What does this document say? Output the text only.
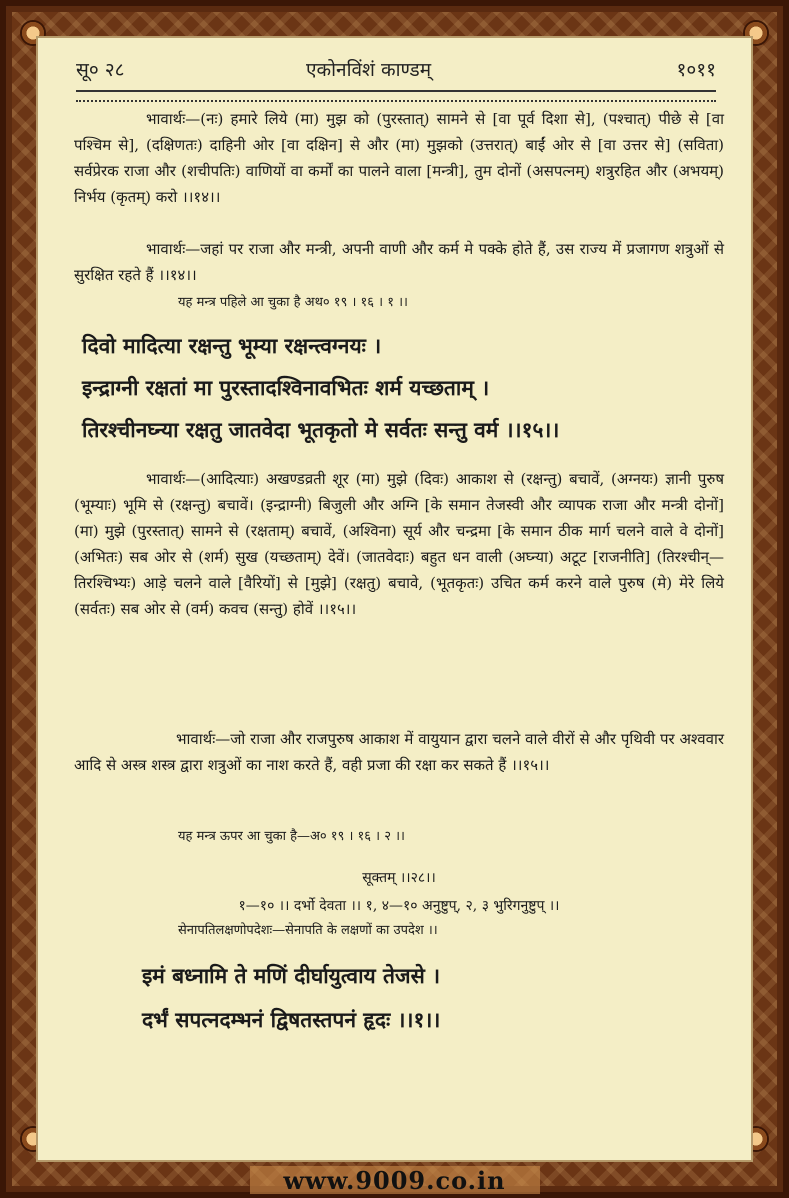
सू० २८	एकोनविंशं काण्डम्	१०११
भावार्थः—(नः) हमारे लिये (मा) मुझ को (पुरस्तात्) सामने से [वा पूर्व दिशा से], (पश्चात्) पीछे से [वा पश्चिम से], (दक्षिणतः) दाहिनी ओर [वा दक्षिन] से और (मा) मुझको (उत्तरात्) बाईं ओर से [वा उत्तर से] (सविता) सर्वप्रेरक राजा और (शचीपतिः) वाणियों वा कर्मों का पालने वाला [मन्त्री], तुम दोनों (असपत्नम्) शत्रुरहित और (अभयम्) निर्भय (कृतम्) करो ।।१४।।
भावार्थः—जहां पर राजा और मन्त्री, अपनी वाणी और कर्म मे पक्के होते हैं, उस राज्य में प्रजागण शत्रुओं से सुरक्षित रहते हैं ।।१४।।
यह मन्त्र पहिले आ चुका है अथ० १९ । १६ । १ ।।
दिवो मादित्या रक्षन्तु भूम्या रक्षन्त्वग्नयः ।
इन्द्राग्नी रक्षतां मा पुरस्तादश्विनावभितः शर्म यच्छताम् ।
तिरश्चीनघ्न्या रक्षतु जातवेदा भूतकृतो मे सर्वतः सन्तु वर्म ।।१५।।
भावार्थः—(आदित्याः) अखण्डव्रती शूर (मा) मुझे (दिवः) आकाश से (रक्षन्तु) बचावें, (अग्नयः) ज्ञानी पुरुष (भूम्याः) भूमि से (रक्षन्तु) बचावें। (इन्द्राग्नी) बिजुली और अग्नि [के समान तेजस्वी और व्यापक राजा और मन्त्री दोनों] (मा) मुझे (पुरस्तात्) सामने से (रक्षताम्) बचावें, (अश्विना) सूर्य और चन्द्रमा [के समान ठीक मार्ग चलने वाले वे दोनों] (अभितः) सब ओर से (शर्म) सुख (यच्छताम्) देवें। (जातवेदाः) बहुत धन वाली (अघ्न्या) अटूट [राजनीति] (तिरश्चीन्—तिरश्चिभ्यः) आड़े चलने वाले [वैरियों] से [मुझे] (रक्षतु) बचावे, (भूतकृतः) उचित कर्म करने वाले पुरुष (मे) मेरे लिये (सर्वतः) सब ओर से (वर्म) कवच (सन्तु) होवें ।।१५।।
भावार्थः—जो राजा और राजपुरुष आकाश में वायुयान द्वारा चलने वाले वीरों से और पृथिवी पर अश्ववार आदि से अस्त्र शस्त्र द्वारा शत्रुओं का नाश करते हैं, वही प्रजा की रक्षा कर सकते हैं ।।१५।।
यह मन्त्र ऊपर आ चुका है—अ० १९ । १६ । २ ।।
सूक्तम् ।।२८।।
१—१० ।। दर्भो देवता ।। १, ४—१० अनुष्टुप्, २, ३ भुरिगनुष्टुप् ।।
सेनापतिलक्षणोपदेशः—सेनापति के लक्षणों का उपदेश ।।
इमं बध्नामि ते मणिं दीर्घायुत्वाय तेजसे ।
दर्भं सपत्नदम्भनं द्विषतस्तपनं हृदः ।।१।।
www.9009.co.in
